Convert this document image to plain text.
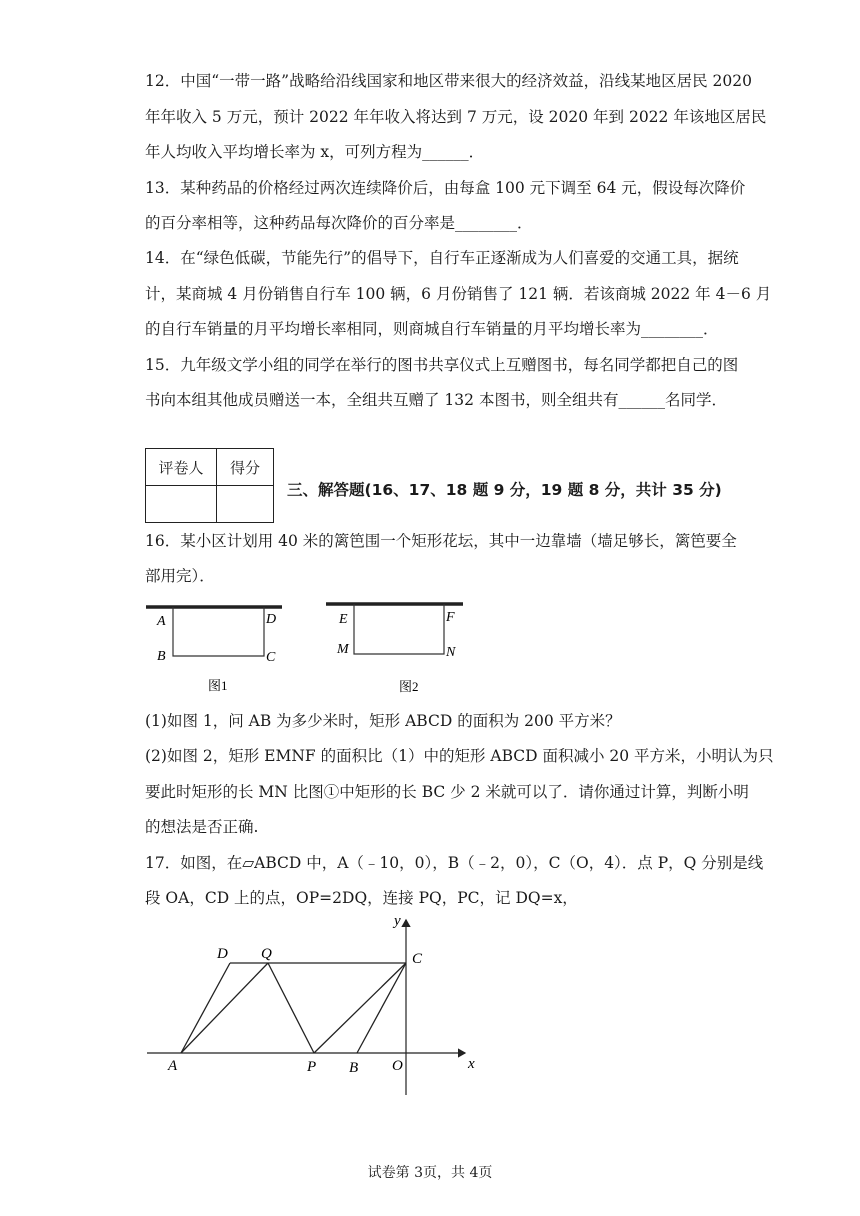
12．中国“一带一路”战略给沿线国家和地区带来很大的经济效益，沿线某地区居民 2020
年年收入 5 万元，预计 2022 年年收入将达到 7 万元，设 2020 年到 2022 年该地区居民
年人均收入平均增长率为 x，可列方程为______．
13．某种药品的价格经过两次连续降价后，由每盒 100 元下调至 64 元，假设每次降价
的百分率相等，这种药品每次降价的百分率是________．
14．在“绿色低碳，节能先行”的倡导下，自行车正逐渐成为人们喜爱的交通工具，据统
计，某商城 4 月份销售自行车 100 辆，6 月份销售了 121 辆．若该商城 2022 年 4－6 月
的自行车销量的月平均增长率相同，则商城自行车销量的月平均增长率为________．
15．九年级文学小组的同学在举行的图书共享仪式上互赠图书，每名同学都把自己的图
书向本组其他成员赠送一本，全组共互赠了 132 本图书，则全组共有______名同学．
评卷人	得分

三、解答题(16、17、18 题 9 分，19 题 8 分，共计 35 分)
16．某小区计划用 40 米的篱笆围一个矩形花坛，其中一边靠墙（墙足够长，篱笆要全
部用完）．
A	D
B	C
图1
E	F
M	N
图2
(1)如图 1，问 AB 为多少米时，矩形 ABCD 的面积为 200 平方米？
(2)如图 2，矩形 EMNF 的面积比（1）中的矩形 ABCD 面积减小 20 平方米，小明认为只
要此时矩形的长 MN 比图①中矩形的长 BC 少 2 米就可以了．请你通过计算，判断小明
的想法是否正确.
17．如图，在▱ABCD 中，A（﹣10，0），B（﹣2，0），C（O，4）．点 P，Q 分别是线
段 OA，CD 上的点，OP=2DQ，连接 PQ，PC，记 DQ=x，
D Q	C
A	P B O	x
y
试卷第 3页，共 4页
